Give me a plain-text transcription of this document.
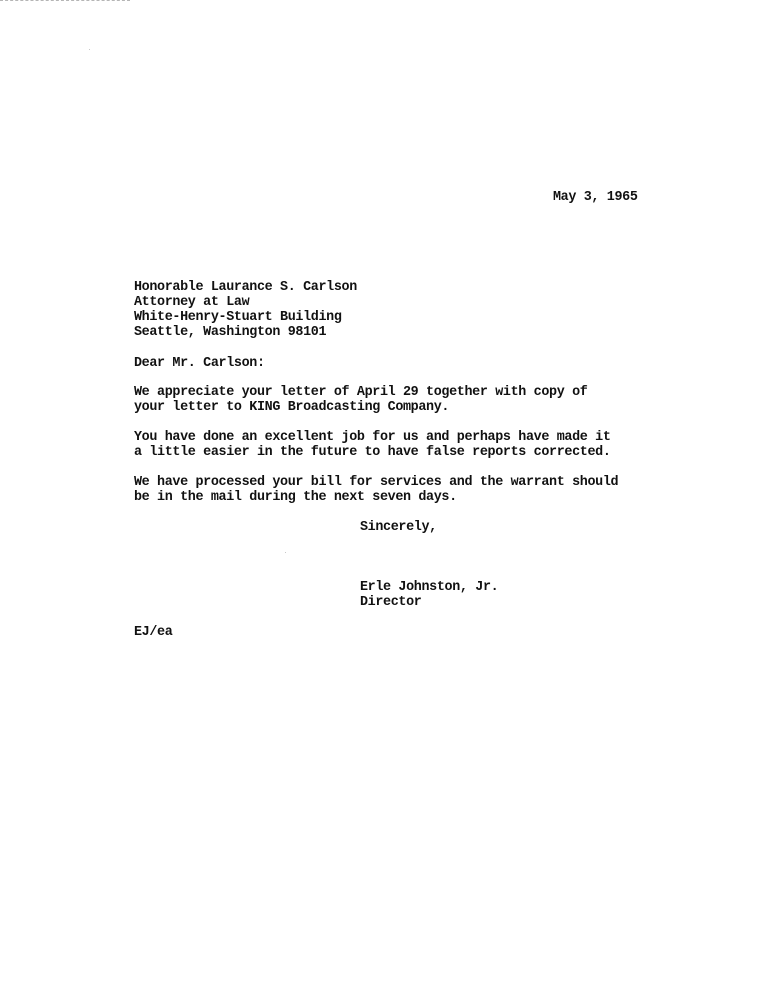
May 3, 1965
Honorable Laurance S. Carlson
Attorney at Law
White-Henry-Stuart Building
Seattle, Washington 98101
Dear Mr. Carlson:
We appreciate your letter of April 29 together with copy of
your letter to KING Broadcasting Company.
You have done an excellent job for us and perhaps have made it
a little easier in the future to have false reports corrected.
We have processed your bill for services and the warrant should
be in the mail during the next seven days.
Sincerely,
Erle Johnston, Jr.
Director
EJ/ea
